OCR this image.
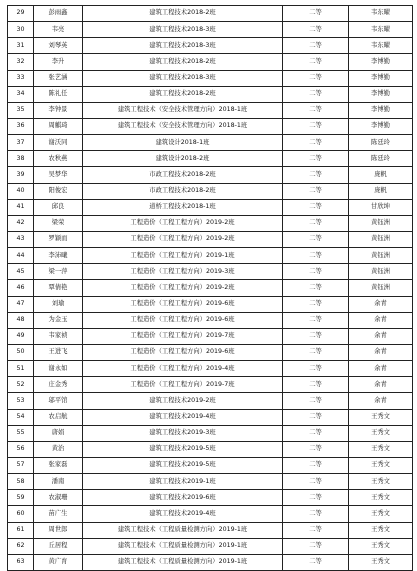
29	彭雨鑫	建筑工程技术2018-2班	二等	韦东曜
30	韦亮	建筑工程技术2018-3班	二等	韦东曜
31	刘琴英	建筑工程技术2018-3班	二等	韦东曜
32	李升	建筑工程技术2018-2班	二等	李博勤
33	张艺涵	建筑工程技术2018-3班	二等	李博勤
34	陈礼任	建筑工程技术2018-2班	二等	李博勤
35	李钟景	建筑工程技术（安全技术管理方向）2018-1班	二等	李博勤
36	周麒琦	建筑工程技术（安全技术管理方向）2018-1班	二等	李博勤
37	谢沃同	建筑设计2018-1班	二等	陈廷玲
38	农秋燕	建筑设计2018-2班	二等	陈廷玲
39	吴梦华	市政工程技术2018-2班	二等	庞帆
40	阳俊宏	市政工程技术2018-2班	二等	庞帆
41	邱良	道桥工程技术2018-1班	二等	甘欣坤
42	梁荣	工程造价（工程工程方向）2019-2班	二等	黄钰洲
43	罗颖而	工程造价（工程工程方向）2019-2班	二等	黄钰洲
44	李沛曦	工程造价（工程工程方向）2019-1班	二等	黄钰洲
45	梁一萍	工程造价（工程工程方向）2019-3班	二等	黄钰洲
46	覃倩艳	工程造价（工程工程方向）2019-2班	二等	黄钰洲
47	刘瑜	工程造价（工程工程方向）2019-6班	二等	余青
48	为金玉	工程造价（工程工程方向）2019-6班	二等	余青
49	韦家祯	工程造价（工程工程方向）2019-7班	二等	余青
50	王进飞	工程造价（工程工程方向）2019-6班	二等	余青
51	谢永如	工程造价（工程工程方向）2019-4班	二等	余青
52	庄金秀	工程造价（工程工程方向）2019-7班	二等	余青
53	邬平馆	建筑工程技术2019-2班	二等	余青
54	农启航	建筑工程技术2019-4班	二等	王秀文
55	唐娟	建筑工程技术2019-3班	二等	王秀文
56	黄治	建筑工程技术2019-5班	二等	王秀文
57	张家磊	建筑工程技术2019-5班	二等	王秀文
58	潘南	建筑工程技术2019-1班	二等	王秀文
59	农淑珊	建筑工程技术2019-6班	二等	王秀文
60	苗广生	建筑工程技术2019-4班	二等	王秀文
61	周世郎	建筑工程技术（工程质量检测方向）2019-1班	二等	王秀文
62	丘居程	建筑工程技术（工程质量检测方向）2019-1班	二等	王秀文
63	黄广育	建筑工程技术（工程质量检测方向）2019-1班	二等	王秀文
